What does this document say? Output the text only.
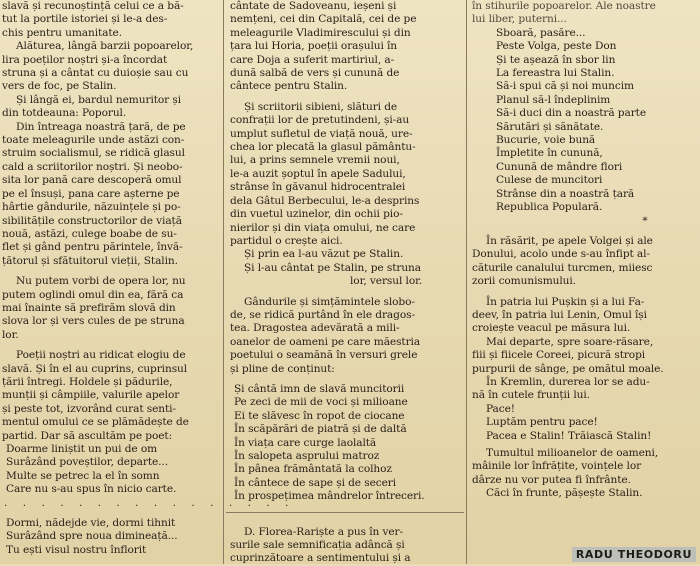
slavă și recunoștință celui ce a bă-
tut la portile istoriei și le-a des-
chis pentru umanitate.

Alăturea, lângă barzii popoarelor,
lira poeților noștri și-a încordat
struna și a cântat cu duioșie sau cu
vers de foc, pe Stalin.

Și lângă ei, bardul nemuritor și
din totdeauna: Poporul.

Din întreaga noastră țară, de pe
toate meleagurile unde astăzi con-
struim socialismul, se ridică glasul
cald a scriitorilor noștri. Și neobo-
sita lor pană care descoperă omul
pe el însuși, pana care așterne pe
hârtie gândurile, năzuințele și po-
sibilitățile constructorilor de viață
nouă, astăzi, culege boabe de su-
flet și gând pentru părintele, învă-
țătorul și sfătuitorul vieții, Stalin.

Nu putem vorbi de opera lor, nu
putem oglindi omul din ea, fără ca
mai înainte să prefirăm slovă din
slova lor și vers cules de pe struna
lor.

Poeții noștri au ridicat elogiu de
slavă. Și în el au cuprins, cuprinsul
țării întregi. Holdele și pădurile,
munții și câmpiile, valurile apelor
și peste tot, izvorând curat senti-
mentul omului ce se plămădește de
partid. Dar să ascultăm pe poet:

Doarme liniștit un pui de om
Surâzând poveștilor, departe...
Multe se petrec la el în somn
Care nu s-au spus în nicio carte.

. . . . . . . . . . . . . . . .

Dormi, nădejde vie, dormi tihnit
Surâzând spre noua dimineață...
Tu ești visul nostru înflorit

cântate de Sadoveanu, ieșeni și
nemțeni, cei din Capitală, cei de pe
meleagurile Vladimirescului și din
țara lui Horia, poeții orașului în
care Doja a suferit martiriul, a-
dună salbă de vers și cunună de
cântece pentru Stalin.

Și scriitorii sibieni, slături de
confrații lor de pretutindeni, și-au
umplut sufletul de viață nouă, ure-
chea lor plecată la glasul pământu-
lui, a prins semnele vremii noui,
le-a auzit șoptul în apele Sadului,
strânse în găvanul hidrocentralei
dela Gâtul Berbecului, le-a desprins
din vuetul uzinelor, din ochii pio-
nierilor și din viața omului, ne care
partidul o crește aici.

Și prin ea l-au văzut pe Stalin.

Și l-au cântat pe Stalin, pe struna
lor, versul lor.

Gândurile și simțămintele slobo-
de, se ridică purtând în ele dragos-
tea. Dragostea adevărată a mili-
oanelor de oameni pe care măestria
poetului o seamănă în versuri grele
și pline de conținut:

Și cântă imn de slavă muncitorii
Pe zeci de mii de voci și milioane
Ei te slăvesc în ropot de ciocane
În scăpărări de piatră și de daltă
În viața care curge laolaltă
În salopeta asprului matroz
În pânea frământată la colhoz
În cântece de sape și de seceri
În prospețimea mândrelor întreceri.

D. Florea-Rariște a pus în ver-
surile sale semnificația adâncă și
cuprinzătoare a sentimentului și a

în stihurile popoarelor. Ale noastre
lui liber, puterni...

Sboară, pasăre...
Peste Volga, peste Don
Și te așează în sbor lin
La fereastra lui Stalin.
Să-i spui că și noi muncim
Planul să-l îndeplinim
Să-i duci din a noastră parte
Sărutări și sănătate.
Bucurie, voie bună
Împletite în cunună,
Cunună de mândre flori
Culese de muncitori
Strânse din a noastră țară
Republica Populară.

*

În răsărit, pe apele Volgei și ale
Donului, acolo unde s-au înfipt al-
căturile canalului turcmen, miiesc
zorii comunismului.

În patria lui Pușkin și a lui Fa-
deev, în patria lui Lenin, Omul își
croiește veacul pe măsura lui.

Mai departe, spre soare-răsare,
fiii și fiicele Coreei, picură stropi
purpurii de sânge, pe omătul moale.

În Kremlin, durerea lor se adu-
nă în cutele frunții lui.

Pace!
Luptăm pentru pace!
Pacea e Stalin! Trăiască Stalin!

Tumultul milioanelor de oameni,
mâinile lor înfrățite, voințele lor
dârze nu vor putea fi înfrânte.

Căci în frunte, pășește Stalin.

RADU THEODORU
